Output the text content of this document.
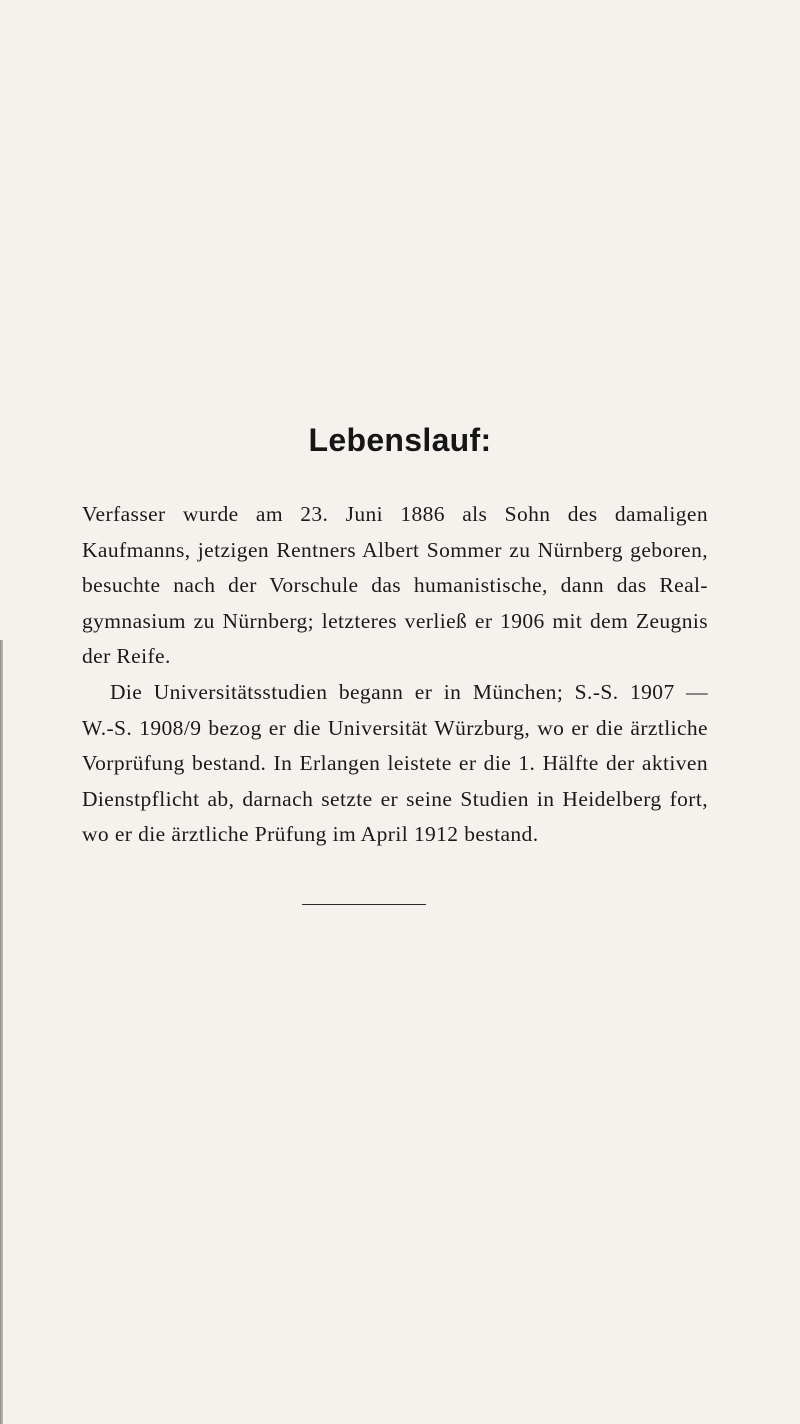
Lebenslauf:
Verfasser wurde am 23. Juni 1886 als Sohn des damaligen
Kaufmanns, jetzigen Rentners Albert Sommer zu Nürnberg geboren,
besuchte nach der Vorschule das humanistische, dann das Real-
gymnasium zu Nürnberg; letzteres verließ er 1906 mit dem Zeugnis
der Reife.
Die Universitätsstudien begann er in München; S.-S. 1907 —
W.-S. 1908/9 bezog er die Universität Würzburg, wo er die ärztliche
Vorprüfung bestand. In Erlangen leistete er die 1. Hälfte der aktiven
Dienstpflicht ab, darnach setzte er seine Studien in Heidelberg fort,
wo er die ärztliche Prüfung im April 1912 bestand.
